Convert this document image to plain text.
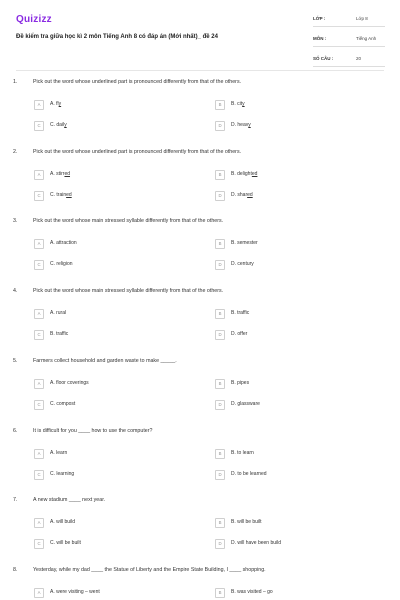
Quizizz
Đề kiểm tra giữa học kì 2 môn Tiếng Anh 8 có đáp án (Mới nhất)_ đề 24
LỚP :	Lớp 8
MÔN :	Tiếng Anh
SỐ CÂU :	20
1.	Pick out the word whose underlined part is pronounced differently from that of the others.
A	A. fly	B	B. city
C	C. daily	D	D. heavy
2.	Pick out the word whose underlined part is pronounced differently from that of the others.
A	A. stirred	B	B. delighted
C	C. trained	D	D. shared
3.	Pick out the word whose main stressed syllable differently from that of the others.
A	A. attraction	B	B. semester
C	C. religion	D	D. century
4.	Pick out the word whose main stressed syllable differently from that of the others.
A	A. rural	B	B. traffic
C	B. traffic	D	D. offer
5.	Farmers collect household and garden waste to make _____.
A	A. floor coverings	B	B. pipes
C	C. compost	D	D. glassware
6.	It is difficult for you ____ how to use the computer?
A	A. learn	B	B. to learn
C	C. learning	D	D. to be learned
7.	A new stadium ____ next year.
A	A. will build	B	B. will be built
C	C. will be built	D	D. will have been build
8.	Yesterday, while my dad ____ the Statue of Liberty and the Empire State Building, I ____ shopping.
A	A. were visiting – went	B	B. was visited – go
